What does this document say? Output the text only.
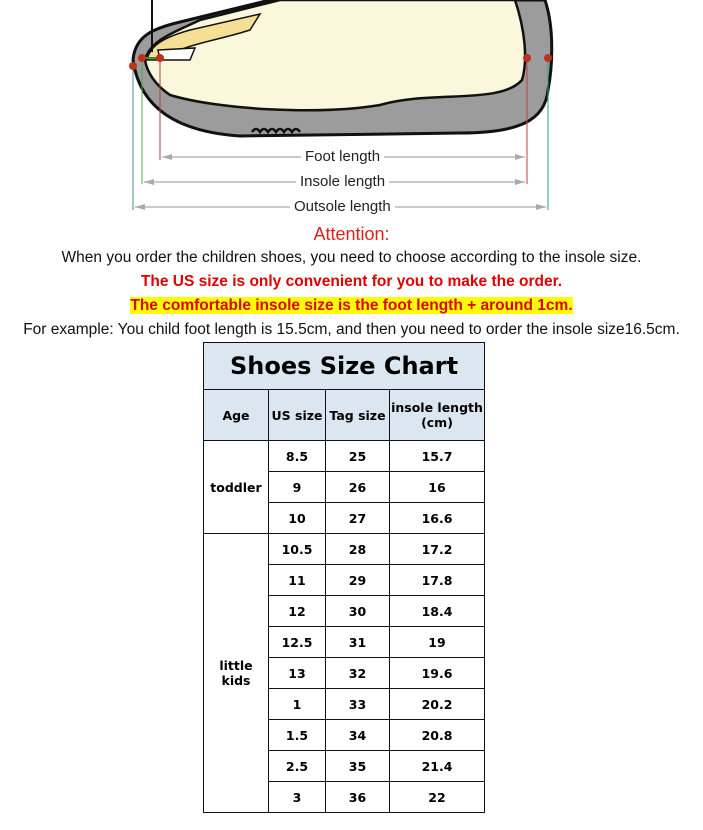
Foot length
Insole length
Outsole length
Attention:
When you order the children shoes, you need to choose according to the insole size.
The US size is only convenient for you to make the order.
The comfortable insole size is the foot length + around 1cm.
For example: You child foot length is 15.5cm, and then you need to order the insole size16.5cm.
Shoes Size Chart			
Age	US size	Tag size	insole length (cm)
toddler	8.5	25	15.7
	9	26	16
	10	27	16.6
little kids	10.5	28	17.2
	11	29	17.8
	12	30	18.4
	12.5	31	19
	13	32	19.6
	1	33	20.2
	1.5	34	20.8
	2.5	35	21.4
	3	36	22
